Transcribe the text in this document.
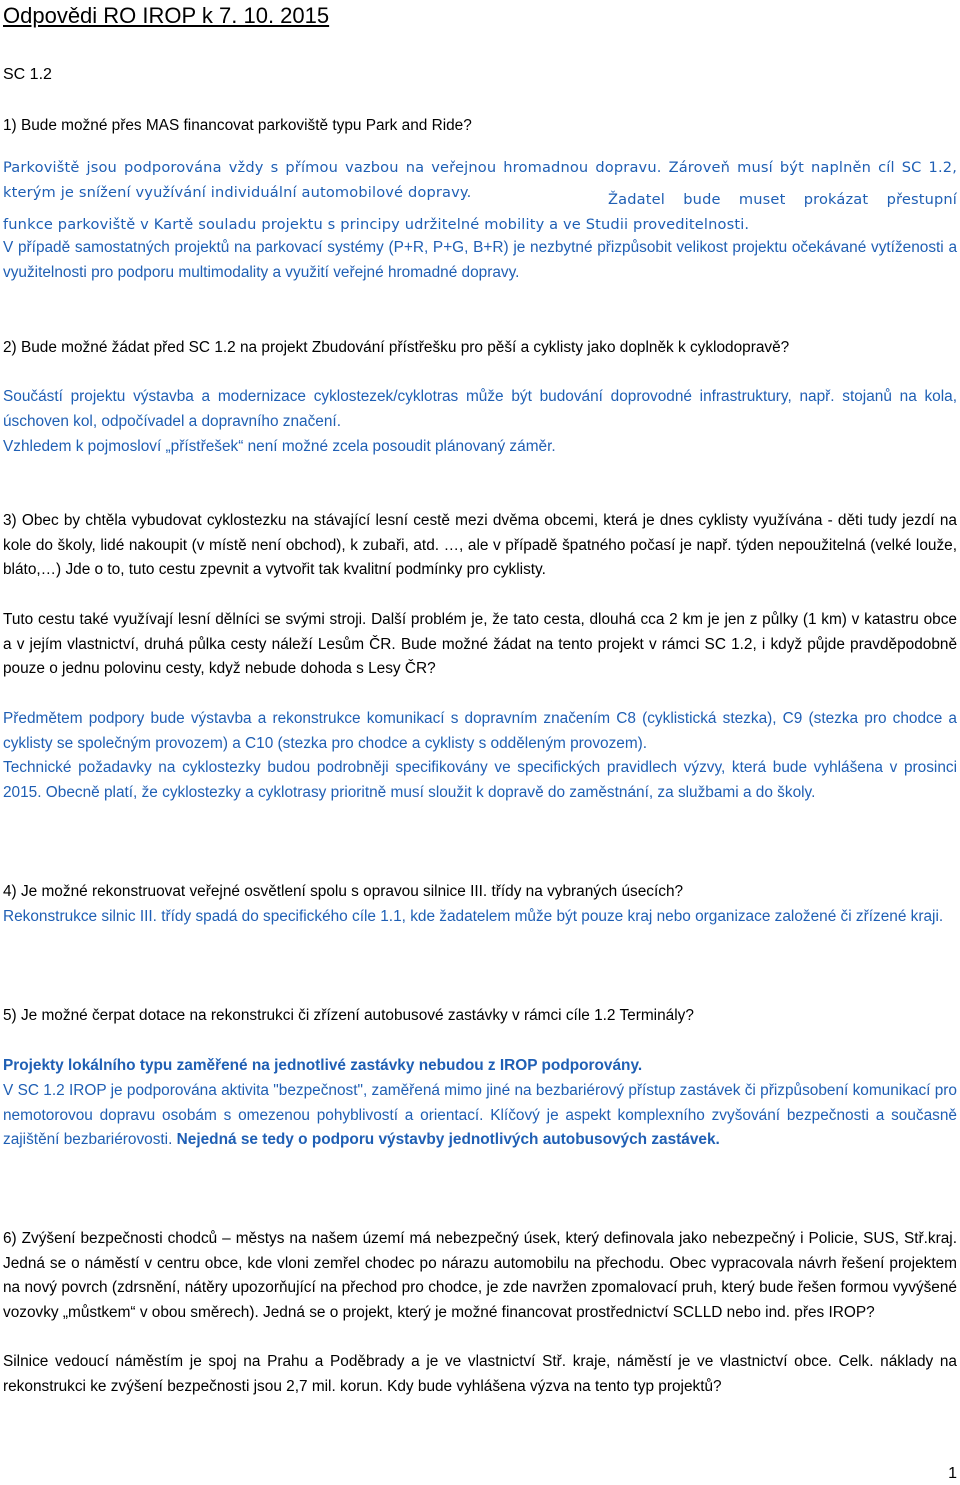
Odpovědi RO IROP k 7. 10. 2015
SC 1.2

1) Bude možné přes MAS financovat parkoviště typu Park and Ride?

Parkoviště jsou podporována vždy s přímou vazbou na veřejnou hromadnou dopravu. Zároveň musí být naplněn cíl SC 1.2, kterým je snížení využívání individuální automobilové dopravy.	Žadatel bude muset prokázat přestupní funkce parkoviště v Kartě souladu projektu s principy udržitelné mobility a ve Studii proveditelnosti.

V případě samostatných projektů na parkovací systémy (P+R, P+G, B+R) je nezbytné přizpůsobit velikost projektu očekávané vytíženosti a využitelnosti pro podporu multimodality a využití veřejné hromadné dopravy.

2) Bude možné žádat před SC 1.2 na projekt Zbudování přístřešku pro pěší a cyklisty jako doplněk k cyklodopravě?

Součástí projektu výstavba a modernizace cyklostezek/cyklotras může být budování doprovodné infrastruktury, např. stojanů na kola, úschoven kol, odpočívadel a dopravního značení.

Vzhledem k pojmosloví „přístřešek“ není možné zcela posoudit plánovaný záměr.

3) Obec by chtěla vybudovat cyklostezku na stávající lesní cestě mezi dvěma obcemi, která je dnes cyklisty využívána - děti tudy jezdí na kole do školy, lidé nakoupit (v místě není obchod), k zubaři, atd. …, ale v případě špatného počasí je např. týden nepoužitelná (velké louže, bláto,…) Jde o to, tuto cestu zpevnit a vytvořit tak kvalitní podmínky pro cyklisty.

Tuto cestu také využívají lesní dělníci se svými stroji. Další problém je, že tato cesta, dlouhá cca 2 km je jen z půlky (1 km) v katastru obce a v jejím vlastnictví, druhá půlka cesty náleží Lesům ČR. Bude možné žádat na tento projekt v rámci SC 1.2, i když půjde pravděpodobně pouze o jednu polovinu cesty, když nebude dohoda s Lesy ČR?

Předmětem podpory bude výstavba a rekonstrukce komunikací s dopravním značením C8 (cyklistická stezka), C9 (stezka pro chodce a cyklisty se společným provozem) a C10 (stezka pro chodce a cyklisty s odděleným provozem).

Technické požadavky na cyklostezky budou podrobněji specifikovány ve specifických pravidlech výzvy, která bude vyhlášena v prosinci 2015. Obecně platí, že cyklostezky a cyklotrasy prioritně musí sloužit k dopravě do zaměstnání, za službami a do školy.

4) Je možné rekonstruovat veřejné osvětlení spolu s opravou silnice III. třídy na vybraných úsecích?

Rekonstrukce silnic III. třídy spadá do specifického cíle 1.1, kde žadatelem může být pouze kraj nebo organizace založené či zřízené kraji.

5) Je možné čerpat dotace na rekonstrukci či zřízení autobusové zastávky v rámci cíle 1.2 Terminály?

Projekty lokálního typu zaměřené na jednotlivé zastávky nebudou z IROP podporovány.

V SC 1.2 IROP je podporována aktivita "bezpečnost", zaměřená mimo jiné na bezbariérový přístup zastávek či přizpůsobení komunikací pro nemotorovou dopravu osobám s omezenou pohyblivostí a orientací. Klíčový je aspekt komplexního zvyšování bezpečnosti a současně zajištění bezbariérovosti. Nejedná se tedy o podporu výstavby jednotlivých autobusových zastávek.

6) Zvýšení bezpečnosti chodců – městys na našem území má nebezpečný úsek, který definovala jako nebezpečný i Policie, SUS, Stř.kraj. Jedná se o náměstí v centru obce, kde vloni zemřel chodec po nárazu automobilu na přechodu. Obec vypracovala návrh řešení projektem na nový povrch (zdrsnění, nátěry upozorňující na přechod pro chodce, je zde navržen zpomalovací pruh, který bude řešen formou vyvýšené vozovky „můstkem“ v obou směrech). Jedná se o projekt, který je možné financovat prostřednictví SCLLD nebo ind. přes IROP?

Silnice vedoucí náměstím je spoj na Prahu a Poděbrady a je ve vlastnictví Stř. kraje, náměstí je ve vlastnictví obce. Celk. náklady na rekonstrukci ke zvýšení bezpečnosti jsou 2,7 mil. korun. Kdy bude vyhlášena výzva na tento typ projektů?

1
